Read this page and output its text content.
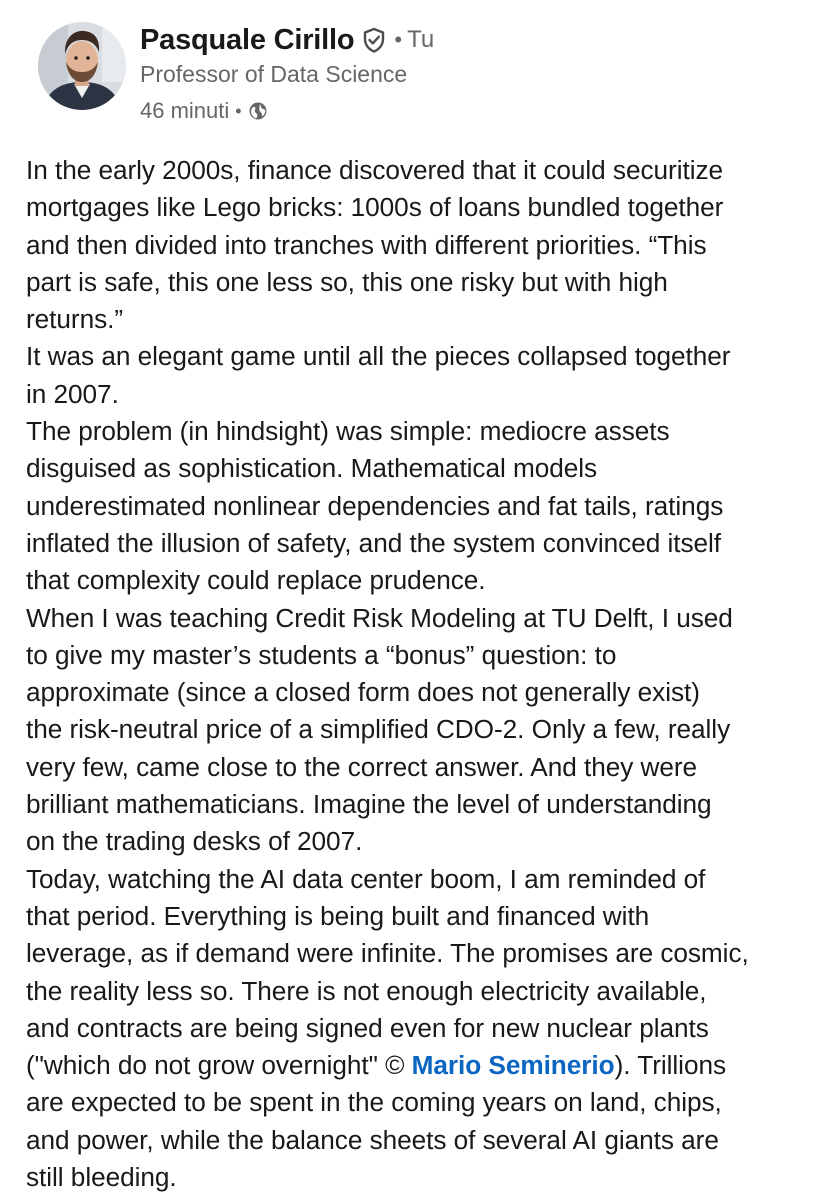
Pasquale Cirillo • Tu
Professor of Data Science
46 minuti •

In the early 2000s, finance discovered that it could securitize

mortgages like Lego bricks: 1000s of loans bundled together

and then divided into tranches with different priorities. “This

part is safe, this one less so, this one risky but with high

returns.”

It was an elegant game until all the pieces collapsed together

in 2007.

The problem (in hindsight) was simple: mediocre assets

disguised as sophistication. Mathematical models

underestimated nonlinear dependencies and fat tails, ratings

inflated the illusion of safety, and the system convinced itself

that complexity could replace prudence.

When I was teaching Credit Risk Modeling at TU Delft, I used

to give my master’s students a “bonus” question: to

approximate (since a closed form does not generally exist)

the risk-neutral price of a simplified CDO-2. Only a few, really

very few, came close to the correct answer. And they were

brilliant mathematicians. Imagine the level of understanding

on the trading desks of 2007.

Today, watching the AI data center boom, I am reminded of

that period. Everything is being built and financed with

leverage, as if demand were infinite. The promises are cosmic,

the reality less so. There is not enough electricity available,

and contracts are being signed even for new nuclear plants

("which do not grow overnight" © Mario Seminerio). Trillions

are expected to be spent in the coming years on land, chips,

and power, while the balance sheets of several AI giants are

still bleeding.
